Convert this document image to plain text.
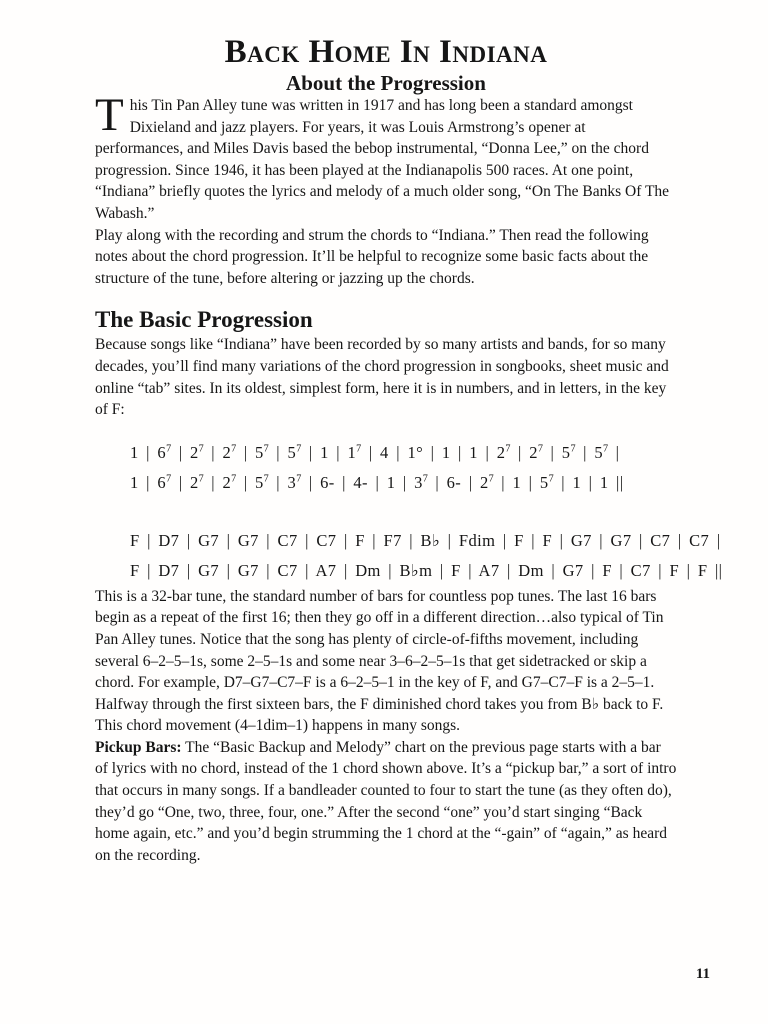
Back Home In Indiana
About the Progression

This Tin Pan Alley tune was written in 1917 and has long been a standard amongst Dixieland and jazz players. For years, it was Louis Armstrong’s opener at performances, and Miles Davis based the bebop instrumental, “Donna Lee,” on the chord progression. Since 1946, it has been played at the Indianapolis 500 races. At one point, “Indiana” briefly quotes the lyrics and melody of a much older song, “On The Banks Of The Wabash.”

Play along with the recording and strum the chords to “Indiana.” Then read the following notes about the chord progression. It’ll be helpful to recognize some basic facts about the structure of the tune, before altering or jazzing up the chords.

The Basic Progression

Because songs like “Indiana” have been recorded by so many artists and bands, for so many decades, you’ll find many variations of the chord progression in songbooks, sheet music and online “tab” sites. In its oldest, simplest form, here it is in numbers, and in letters, in the key of F:

1 | $6^7$ | $2^7$ | $2^7$ | $5^7$ | $5^7$ | 1 | $1^7$ | 4 | 1° | 1 | 1 | $2^7$ | $2^7$ | $5^7$ | $5^7$ |
1 | $6^7$ | $2^7$ | $2^7$ | $5^7$ | $3^7$ | 6- | 4- | 1 | $3^7$ | 6- | $2^7$ | 1 | $5^7$ | 1 | 1 ||
F | D7 | G7 | G7 | C7 | C7 | F | F7 | B♭ | Fdim | F | F | G7 | G7 | C7 | C7 |
F | D7 | G7 | G7 | C7 | A7 | Dm | B♭m | F | A7 | Dm | G7 | F | C7 | F | F ||

This is a 32-bar tune, the standard number of bars for countless pop tunes. The last 16 bars begin as a repeat of the first 16; then they go off in a different direction…also typical of Tin Pan Alley tunes. Notice that the song has plenty of circle-of-fifths movement, including several 6–2–5–1s, some 2–5–1s and some near 3–6–2–5–1s that get sidetracked or skip a chord. For example, D7–G7–C7–F is a 6–2–5–1 in the key of F, and G7–C7–F is a 2–5–1. Halfway through the first sixteen bars, the F diminished chord takes you from B♭ back to F. This chord movement (4–1dim–1) happens in many songs.

Pickup Bars: The “Basic Backup and Melody” chart on the previous page starts with a bar of lyrics with no chord, instead of the 1 chord shown above. It’s a “pickup bar,” a sort of intro that occurs in many songs. If a bandleader counted to four to start the tune (as they often do), they’d go “One, two, three, four, one.” After the second “one” you’d start singing “Back home again, etc.” and you’d begin strumming the 1 chord at the “-gain” of “again,” as heard on the recording.

11
